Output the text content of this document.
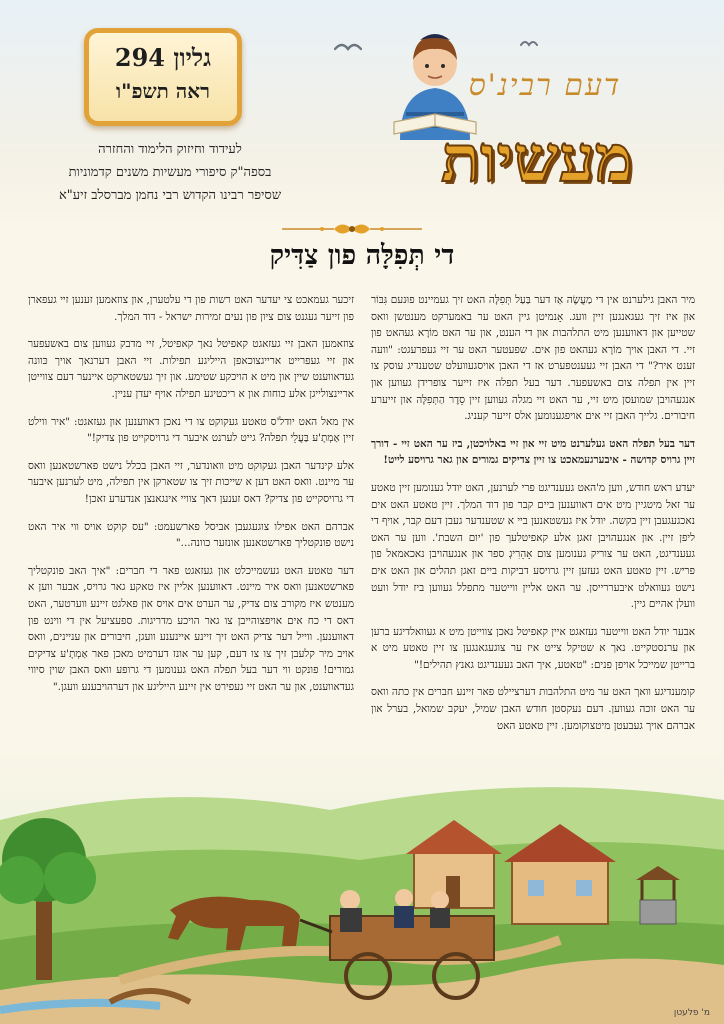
גליון 294
ראה תשפ"ו
לעידוד וחיזוק הלימוד והחזרה
בספה"ק סיפורי מעשיות משנים קדמוניות
שסיפר רבינו הקדוש רבי נחמן מברסלב זיע"א
דעם רבינ'ס
מעשיות
די תְּפִלָּה פון צַדִּיק

מיר האבן גילערנט אין די מַעֲשֶׂה אַז דער בַּעַל תְּפִלָּה האט זיך געמיינט פוּנעם גִּבּוֹר און איז זיך געגאנגען זיין וועג. אָנמיטן גיין האט ער באמערקט מענטשן וואס שטייען און דאווענען מיט התלהבות און די הענט, און ער האט מוֹרָא געהאט פון זיי. די האבן אויך מוֹרָא געהאט פון אים. שפעטער האט ער זיי געפרעגט: "וועה זענט איר?" די האבן זיי געענטפערט אז די האבן אויסגעוועלט שטענדיג עוסק צו זיין אין תפלה צום באשעפער. דער בעל תפלה איז זייער צופרידן געווען און אנגעהויבן שמועסן מיט זיי, ער האט זיי מגלה געווען זיין סֵדֶר הַתְּפִלָּה און זייערע חיבורים. גלייך האבן זיי אים אויפגענומען אלס זייער קעניג.

דער בעל תפלה האט געלערנט מיט זיי און זיי באלויכטן, ביז ער האט זיי - דורך זיין גרויס קדושה - איבערגעמאכט צו זיין צדיקים גמורים און גאר גרויסע לייט!

יעדע ראש חודש, ווען מ'האט געענדיגט פרי לערנען, האט יודל גענומען זיין טאטע ער זאל מיטגיין מיט אים דאווענען ביים קבר פון דוד המלך. זיין טאטע האט אים נאכגעגעבן זיין בקשה. יודל איז געשטאנען ביי א שטענדער געבן דעם קבר, אויף די ליפן זיין. און אנגעהויבן זאגן אלע קאפיטלעך פון 'יום השבת'. ווען ער האט געענדיגט, האט ער צוריק גענומען צום אָהֵרִיגְ ספר און אנגעהויבן נאכאמאל פון פריש. זיין טאטע האט געזען זיין גרויסע דביקות ביים זאגן תהלים און האט אים נישט געוואלט איבעררייסן. ער האט אליין ווייטער מתפלל געווען ביז יודל וועט וועלן אהיים גיין.

אבער יודל האט ווייטער געזאגט איין קאפיטל נאכן צווייטן מיט א געוואלדיגע ברען און ערנסטקייט. נאך א שטיקל צייט איז ער צוגעגאנגען צו זיין טאטע מיט א ברייטן שמייכל אויפן פנים: "טאטע, איך האב געענדיגט גאנץ תהילים!"

קומענדיגע וואך האט ער מיט התלהבות דערציילט פאר זיינע חברים אין כתה וואס ער האט זוכה געווען. דעם נעקסטן חודש האבן שמיל, יעקב שמואל, בערל און אברהם אויך געבעטן מיטצוקומען. זיין טאטע האט

זיכער געמאכט צי יעדער האט רשות פון די עלטערן, און צוזאמען זענען זיי געפארן פון זייער געגנט צום ציון פון נעים זמירות ישראל - דוד המלך.

צוזאמען האבן זיי געזאגט קאפיטל נאך קאפיטל, זיי מדבק געווען צום באשעפער און זיי געפרייט ארייגצוכאפן הייליגע תפילות. זיי האבן דערנאך אויך כּוונה געדאווענט שיין און מיט א הויכקע שטימע. און זיך געשטארקט איינער דעם צווייטן אריינצולייגן אלע כוחות און א ריכטיגע תפילה אויף יעדן עניין.

אין מאל האט יודל'ס טאטע געקוקט צו די נאכן דאווענען און געזאגט: "איר ווילט זיין אַמְתָ'ע בַּעֲלֵי תפלה? גייט לערנט איבער די גרויסקייט פון צדיק!"

אלע קינדער האבן געקוקט מיט וואונדער, זיי האבן בכלל נישט פארשטאנען וואס ער מיינט. וואס האט דען א שייכות זיך צו שטארקן אין תפילה, מיט לערנען איבער די גרויסקייט פון צדיק? דאס זענען דאך צוויי אינגאנצן אנדערע זאכן!

אברהם האט אפילו צוגעגעבן אביסל פארשעמט: "עס קוקט אויס ווי איר האט נישט פונקטליך פארשטאנען אונזער כוונה..."

דער טאטע האט געשמייכלט און געזאגט פאר די חברים: "איך האב פונקטליך פארשטאנען וואס איר מיינט. דאווענען אליין איז טאקע גאר גרויס, אבער ווען א מענטש איז מקורב צום צדיק, ער הערט אים אויס און פאלגט זיינע ווערטער, האט דאס די כח אים אויפצוהייבן צו גאר הויכע מדריגות. ספעציעל אין די ווינט פון דאווענען. ווייל דער צדיק האט זיך זיינע איינענע וועגן, חיבורים און עניינים, וואס אויב מיר קלעבן זיך צו צו דעם, קען ער אונז דערמיט מאכן פאר אַמְתָ'ע צדיקים גמורים! פונקט ווי דער בעל תפלה האט גענומען די גרופע וואס האבן שוין סיווי געדאווענט, און ער האט זיי געפירט אין זיינע הייליגע און דערהויבענע וועגן."

מ' פלעטן
